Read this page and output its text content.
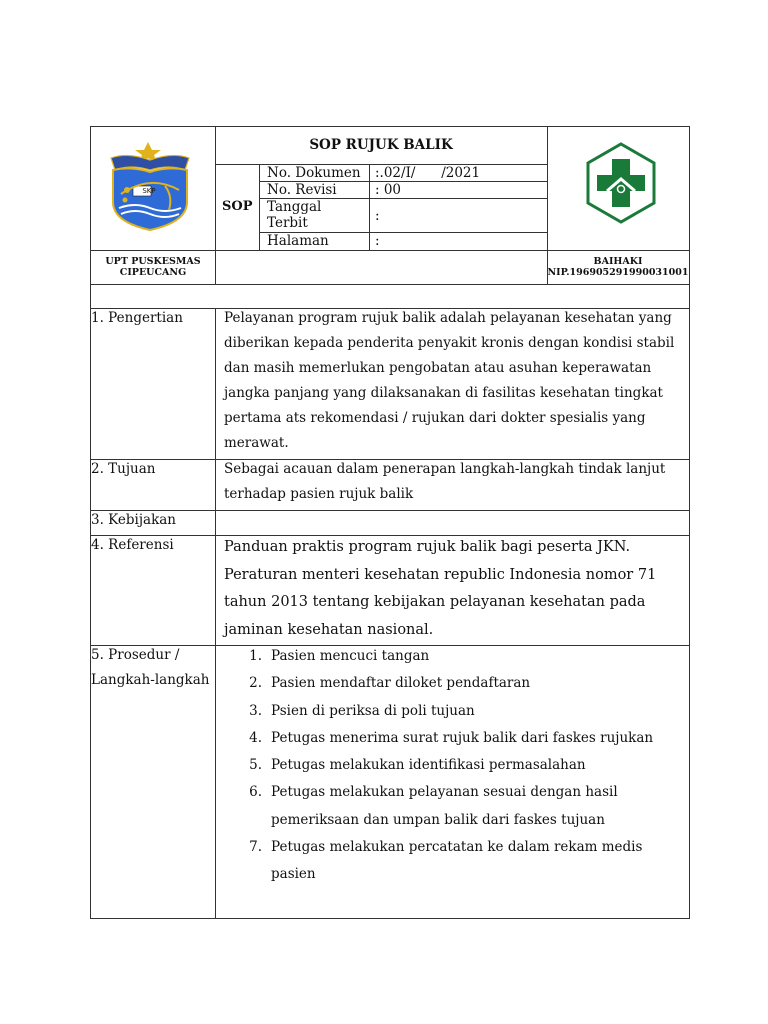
SKP
SOP RUJUK BALIK
SOP
No. Dokumen :.02/I/      /2021
No. Revisi	: 00
Tanggal Terbit	:
Halaman	:
UPT PUSKESMAS CIPEUCANG
BAIHAKI
NIP.196905291990031001
1. Pengertian	Pelayanan program rujuk balik adalah pelayanan kesehatan yang diberikan kepada penderita penyakit kronis dengan kondisi stabil dan masih memerlukan pengobatan atau asuhan keperawatan jangka panjang yang dilaksanakan di fasilitas kesehatan tingkat pertama ats rekomendasi / rujukan dari dokter spesialis yang merawat.
2. Tujuan	Sebagai acauan dalam penerapan langkah-langkah tindak lanjut terhadap pasien rujuk balik
3. Kebijakan
4. Referensi	Panduan praktis program rujuk balik bagi peserta JKN. Peraturan menteri kesehatan republic Indonesia nomor 71 tahun 2013 tentang kebijakan pelayanan kesehatan pada jaminan kesehatan nasional.
5. Prosedur / Langkah-langkah
1. Pasien mencuci tangan
2. Pasien mendaftar diloket pendaftaran
3. Psien di periksa di poli tujuan
4. Petugas menerima surat rujuk balik dari faskes rujukan
5. Petugas melakukan identifikasi permasalahan
6. Petugas melakukan pelayanan sesuai dengan hasil pemeriksaan dan umpan balik dari faskes tujuan
7. Petugas melakukan percatatan ke dalam rekam medis pasien
